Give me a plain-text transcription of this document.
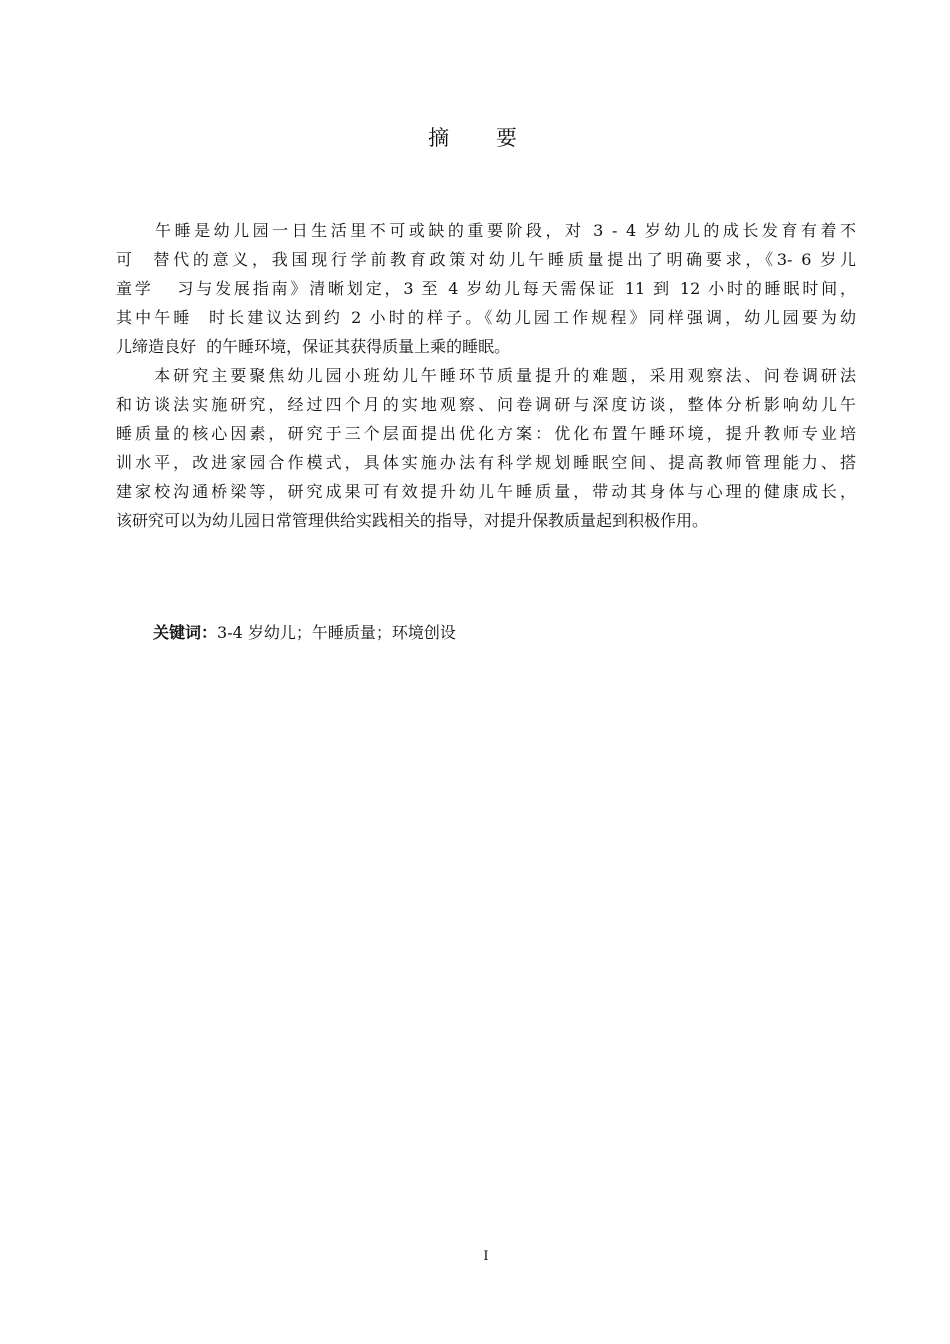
摘 要
　　午睡是幼儿园一日生活里不可或缺的重要阶段，对 3 - 4 岁幼儿的成长发育有着不
可  替代的意义，我国现行学前教育政策对幼儿午睡质量提出了明确要求，《3- 6 岁儿
童学   习与发展指南》清晰划定，3 至 4 岁幼儿每天需保证 11 到 12 小时的睡眠时间，
其中午睡  时长建议达到约 2 小时的样子。《幼儿园工作规程》同样强调，幼儿园要为幼
儿缔造良好  的午睡环境，保证其获得质量上乘的睡眠。
　　本研究主要聚焦幼儿园小班幼儿午睡环节质量提升的难题，采用观察法、问卷调研法
和访谈法实施研究，经过四个月的实地观察、问卷调研与深度访谈，整体分析影响幼儿午
睡质量的核心因素，研究于三个层面提出优化方案：优化布置午睡环境，提升教师专业培
训水平，改进家园合作模式，具体实施办法有科学规划睡眠空间、提高教师管理能力、搭
建家校沟通桥梁等，研究成果可有效提升幼儿午睡质量，带动其身体与心理的健康成长，
该研究可以为幼儿园日常管理供给实践相关的指导，对提升保教质量起到积极作用。
关键词：3-4 岁幼儿；午睡质量；环境创设
I
